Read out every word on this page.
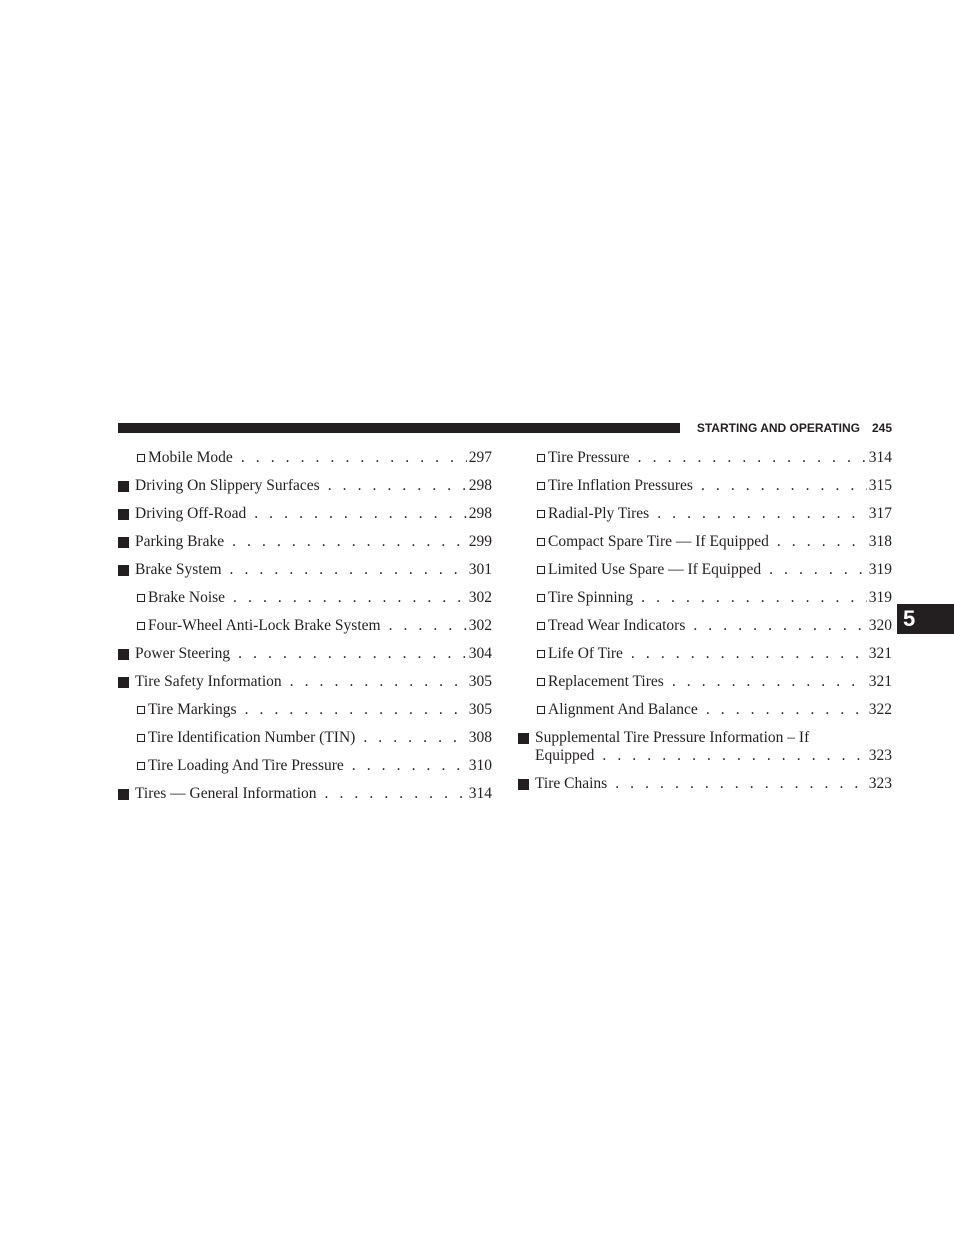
STARTING AND OPERATING 245
5
Mobile Mode . . .	297
Driving On Slippery Surfaces . . .	298
Driving Off-Road . . .	298
Parking Brake . . .	299
Brake System . . .	301
Brake Noise . . .	302
Four-Wheel Anti-Lock Brake System . . .	302
Power Steering . . .	304
Tire Safety Information . . .	305
Tire Markings . . .	305
Tire Identification Number (TIN) . . .	308
Tire Loading And Tire Pressure . . .	310
Tires — General Information . . .	314
Tire Pressure . . .	314
Tire Inflation Pressures . . .	315
Radial-Ply Tires . . .	317
Compact Spare Tire — If Equipped . . .	318
Limited Use Spare — If Equipped . . .	319
Tire Spinning . . .	319
Tread Wear Indicators . . .	320
Life Of Tire . . .	321
Replacement Tires . . .	321
Alignment And Balance . . .	322
Supplemental Tire Pressure Information – If
Equipped . . .	323
Tire Chains . . .	323
